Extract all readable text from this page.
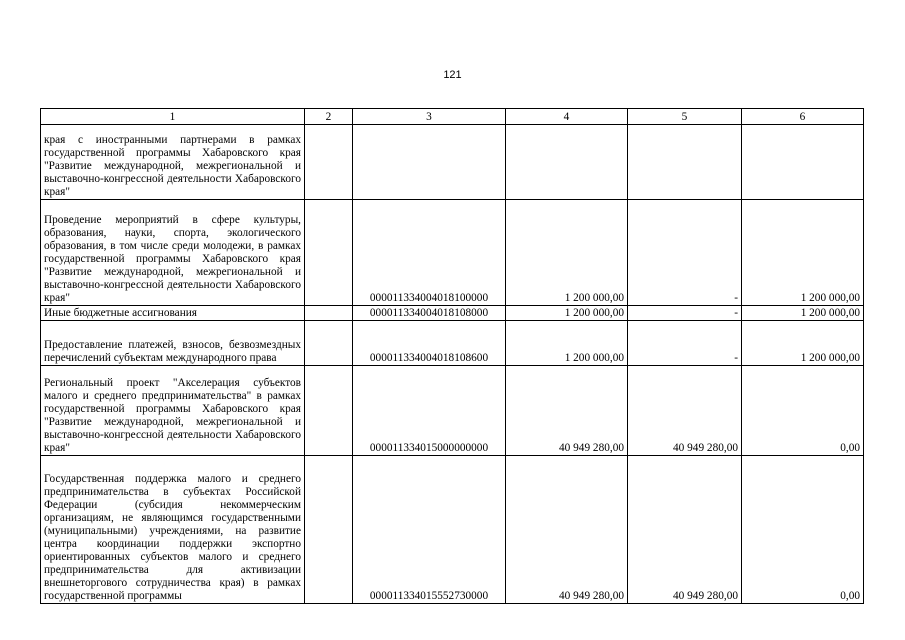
121
1	2	3	4	5	6
края с иностранными партнерами в рамках государственной программы Хабаровского края "Развитие международной, межрегиональной и выставочно-конгрессной деятельности Хабаровского края"					
Проведение мероприятий в сфере культуры, образования, науки, спорта, экологического образования, в том числе среди молодежи, в рамках государственной программы Хабаровского края "Развитие международной, межрегиональной и выставочно-конгрессной деятельности Хабаровского края"		000011334004018100000	1 200 000,00	-	1 200 000,00
Иные бюджетные ассигнования		000011334004018108000	1 200 000,00	-	1 200 000,00
Предоставление платежей, взносов, безвозмездных перечислений субъектам международного права		000011334004018108600	1 200 000,00	-	1 200 000,00
Региональный проект "Акселерация субъектов малого и среднего предпринимательства" в рамках государственной программы Хабаровского края "Развитие международной, межрегиональной и выставочно-конгрессной деятельности Хабаровского края"		000011334015000000000	40 949 280,00	40 949 280,00	0,00
Государственная поддержка малого и среднего предпринимательства в субъектах Российской Федерации (субсидия некоммерческим организациям, не являющимся государственными (муниципальными) учреждениями, на развитие центра координации поддержки экспортно ориентированных субъектов малого и среднего предпринимательства для активизации внешнеторгового сотрудничества края) в рамках государственной программы		000011334015552730000	40 949 280,00	40 949 280,00	0,00
